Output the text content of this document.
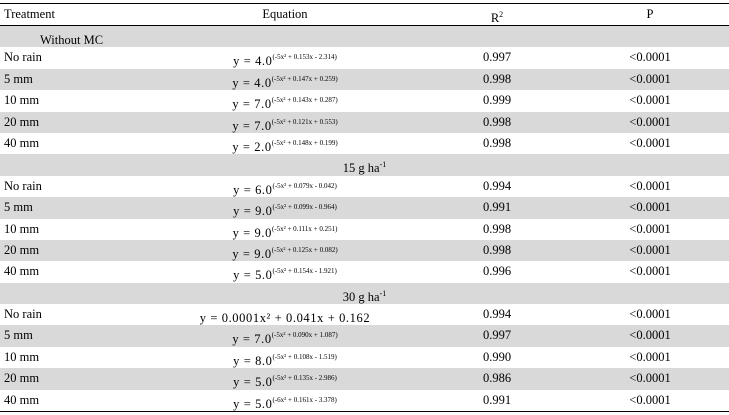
Treatment	Equation	$R^2$	P
Without MC
No rain	$y = 4.0^{(-5x^2 + 0.153x - 2.314)}$	0.997	<0.0001
5 mm	$y = 4.0^{(-5x^2 + 0.147x + 0.259)}$	0.998	<0.0001
10 mm	$y = 7.0^{(-5x^2 + 0.143x + 0.287)}$	0.999	<0.0001
20 mm	$y = 7.0^{(-5x^2 + 0.121x + 0.553)}$	0.998	<0.0001
40 mm	$y = 2.0^{(-5x^2 + 0.148x + 0.199)}$	0.998	<0.0001
15 g $ha^{-1}$
No rain	$y = 6.0^{(-5x^2 + 0.079x - 0.042)}$	0.994	<0.0001
5 mm	$y = 9.0^{(-5x^2 + 0.099x - 0.964)}$	0.991	<0.0001
10 mm	$y = 9.0^{(-5x^2 + 0.111x + 0.251)}$	0.998	<0.0001
20 mm	$y = 9.0^{(-5x^2 + 0.125x + 0.082)}$	0.998	<0.0001
40 mm	$y = 5.0^{(-5x^2 + 0.154x - 1.921)}$	0.996	<0.0001
30 g $ha^{-1}$
No rain	y = 0.0001x² + 0.041x + 0.162	0.994	<0.0001
5 mm	$y = 7.0^{(-5x^2 + 0.090x + 1.087)}$	0.997	<0.0001
10 mm	$y = 8.0^{(-5x^2 + 0.108x - 1.519)}$	0.990	<0.0001
20 mm	$y = 5.0^{(-5x^2 + 0.135x - 2.986)}$	0.986	<0.0001
40 mm	$y = 5.0^{(-6x^2 + 0.161x - 3.378)}$	0.991	<0.0001
